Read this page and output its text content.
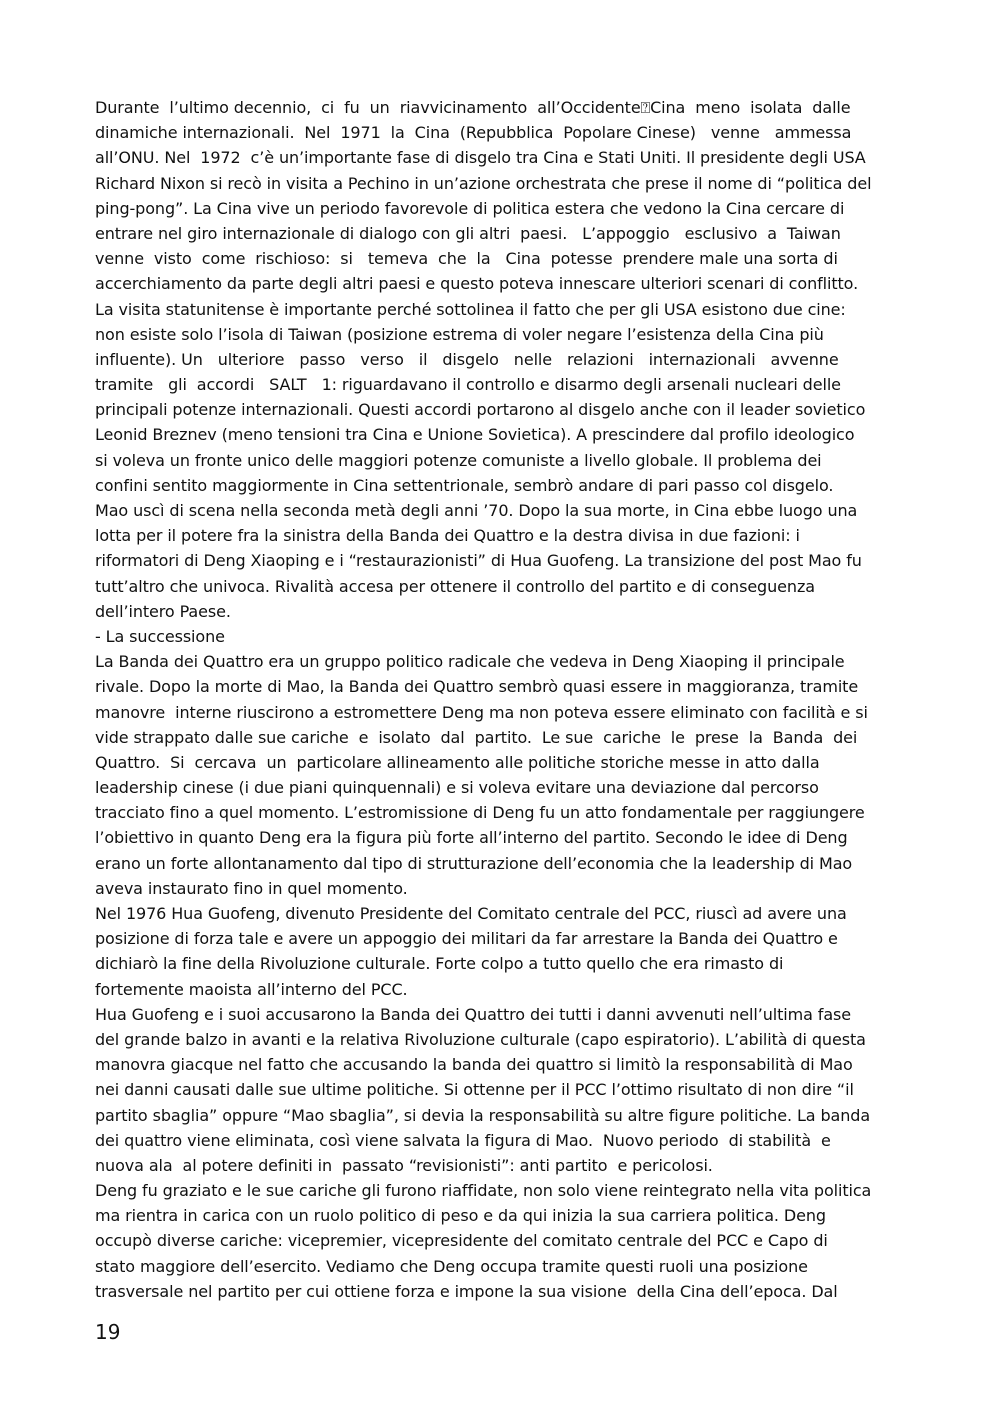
Durante  l’ultimo decennio,  ci  fu  un  riavvicinamento  all’Occidente⍰Cina  meno  isolata  dalle
dinamiche internazionali.  Nel  1971  la  Cina  (Repubblica  Popolare Cinese)   venne   ammessa
all’ONU. Nel  1972  c’è un’importante fase di disgelo tra Cina e Stati Uniti. Il presidente degli USA
Richard Nixon si recò in visita a Pechino in un’azione orchestrata che prese il nome di “politica del
ping-pong”. La Cina vive un periodo favorevole di politica estera che vedono la Cina cercare di
entrare nel giro internazionale di dialogo con gli altri  paesi.   L’appoggio   esclusivo  a  Taiwan
venne  visto  come  rischioso:  si   temeva  che  la   Cina  potesse  prendere male una sorta di
accerchiamento da parte degli altri paesi e questo poteva innescare ulteriori scenari di conflitto.
La visita statunitense è importante perché sottolinea il fatto che per gli USA esistono due cine:
non esiste solo l’isola di Taiwan (posizione estrema di voler negare l’esistenza della Cina più
influente). Un   ulteriore   passo   verso   il   disgelo   nelle   relazioni   internazionali   avvenne
tramite   gli  accordi   SALT   1: riguardavano il controllo e disarmo degli arsenali nucleari delle
principali potenze internazionali. Questi accordi portarono al disgelo anche con il leader sovietico
Leonid Breznev (meno tensioni tra Cina e Unione Sovietica). A prescindere dal profilo ideologico
si voleva un fronte unico delle maggiori potenze comuniste a livello globale. Il problema dei
confini sentito maggiormente in Cina settentrionale, sembrò andare di pari passo col disgelo.
Mao uscì di scena nella seconda metà degli anni ’70. Dopo la sua morte, in Cina ebbe luogo una
lotta per il potere fra la sinistra della Banda dei Quattro e la destra divisa in due fazioni: i
riformatori di Deng Xiaoping e i “restaurazionisti” di Hua Guofeng. La transizione del post Mao fu
tutt’altro che univoca. Rivalità accesa per ottenere il controllo del partito e di conseguenza
dell’intero Paese.
- La successione
La Banda dei Quattro era un gruppo politico radicale che vedeva in Deng Xiaoping il principale
rivale. Dopo la morte di Mao, la Banda dei Quattro sembrò quasi essere in maggioranza, tramite
manovre  interne riuscirono a estromettere Deng ma non poteva essere eliminato con facilità e si
vide strappato dalle sue cariche  e  isolato  dal  partito.  Le sue  cariche  le  prese  la  Banda  dei
Quattro.  Si  cercava  un  particolare allineamento alle politiche storiche messe in atto dalla
leadership cinese (i due piani quinquennali) e si voleva evitare una deviazione dal percorso
tracciato fino a quel momento. L’estromissione di Deng fu un atto fondamentale per raggiungere
l’obiettivo in quanto Deng era la figura più forte all’interno del partito. Secondo le idee di Deng
erano un forte allontanamento dal tipo di strutturazione dell’economia che la leadership di Mao
aveva instaurato fino in quel momento.
Nel 1976 Hua Guofeng, divenuto Presidente del Comitato centrale del PCC, riuscì ad avere una
posizione di forza tale e avere un appoggio dei militari da far arrestare la Banda dei Quattro e
dichiarò la fine della Rivoluzione culturale. Forte colpo a tutto quello che era rimasto di
fortemente maoista all’interno del PCC.
Hua Guofeng e i suoi accusarono la Banda dei Quattro dei tutti i danni avvenuti nell’ultima fase
del grande balzo in avanti e la relativa Rivoluzione culturale (capo espiratorio). L’abilità di questa
manovra giacque nel fatto che accusando la banda dei quattro si limitò la responsabilità di Mao
nei danni causati dalle sue ultime politiche. Si ottenne per il PCC l’ottimo risultato di non dire “il
partito sbaglia” oppure “Mao sbaglia”, si devia la responsabilità su altre figure politiche. La banda
dei quattro viene eliminata, così viene salvata la figura di Mao.  Nuovo periodo  di stabilità  e
nuova ala  al potere definiti in  passato “revisionisti”: anti partito  e pericolosi.
Deng fu graziato e le sue cariche gli furono riaffidate, non solo viene reintegrato nella vita politica
ma rientra in carica con un ruolo politico di peso e da qui inizia la sua carriera politica. Deng
occupò diverse cariche: vicepremier, vicepresidente del comitato centrale del PCC e Capo di
stato maggiore dell’esercito. Vediamo che Deng occupa tramite questi ruoli una posizione
trasversale nel partito per cui ottiene forza e impone la sua visione  della Cina dell’epoca. Dal
19
